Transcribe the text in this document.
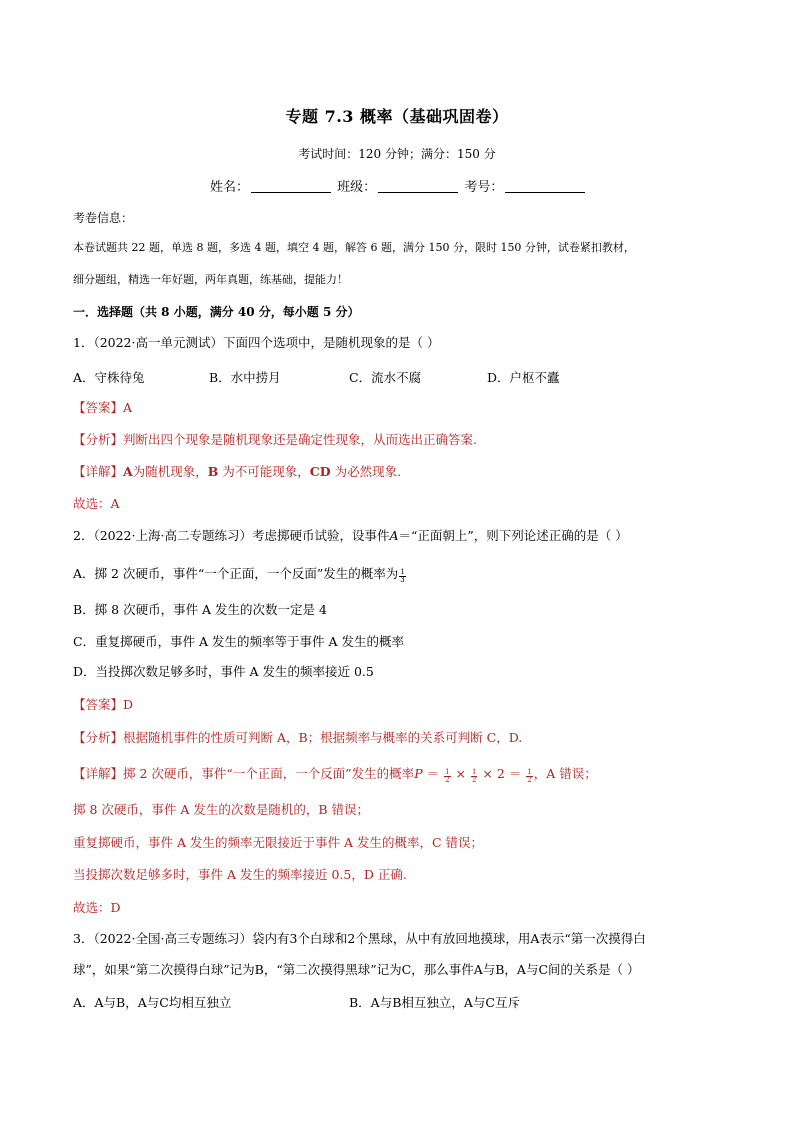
专题 7.3 概率（基础巩固卷）
考试时间：120 分钟；满分：150 分
姓名：	班级：	考号：
考卷信息：
本卷试题共 22 题，单选 8 题，多选 4 题，填空 4 题，解答 6 题，满分 150 分，限时 150 分钟，试卷紧扣教材，
细分题组，精选一年好题，两年真题，练基础，提能力！
一．选择题（共 8 小题，满分 40 分，每小题 5 分）
1．（2022·高一单元测试）下面四个选项中，是随机现象的是（ ）
A．守株待兔	B．水中捞月	C．流水不腐	D．户枢不蠹
【答案】A
【分析】判断出四个现象是随机现象还是确定性现象，从而选出正确答案.
【详解】A为随机现象，B 为不可能现象，CD 为必然现象.
故选：A
2．（2022·上海·高二专题练习）考虑掷硬币试验，设事件A＝“正面朝上”，则下列论述正确的是（ ）
A．掷 2 次硬币，事件“一个正面，一个反面”发生的概率为 $\frac{1}{3}$
B．掷 8 次硬币，事件 A 发生的次数一定是 4
C．重复掷硬币，事件 A 发生的频率等于事件 A 发生的概率
D．当投掷次数足够多时，事件 A 发生的频率接近 0.5
【答案】D
【分析】根据随机事件的性质可判断 A，B；根据频率与概率的关系可判断 C，D.
【详解】掷 2 次硬币，事件“一个正面，一个反面”发生的概率$P = \frac{1}{2} \times \frac{1}{2} \times 2 = \frac{1}{2}$ ，A 错误；
掷 8 次硬币，事件 A 发生的次数是随机的，B 错误；
重复掷硬币，事件 A 发生的频率无限接近于事件 A 发生的概率，C 错误；
当投掷次数足够多时，事件 A 发生的频率接近 0.5，D 正确.
故选：D
3．（2022·全国·高三专题练习）袋内有3个白球和2个黑球，从中有放回地摸球，用A表示“第一次摸得白
球”，如果“第二次摸得白球”记为B，“第二次摸得黑球”记为C，那么事件A与B，A与C间的关系是（ ）
A．A与B，A与C均相互独立	B．A与B相互独立，A与C互斥
